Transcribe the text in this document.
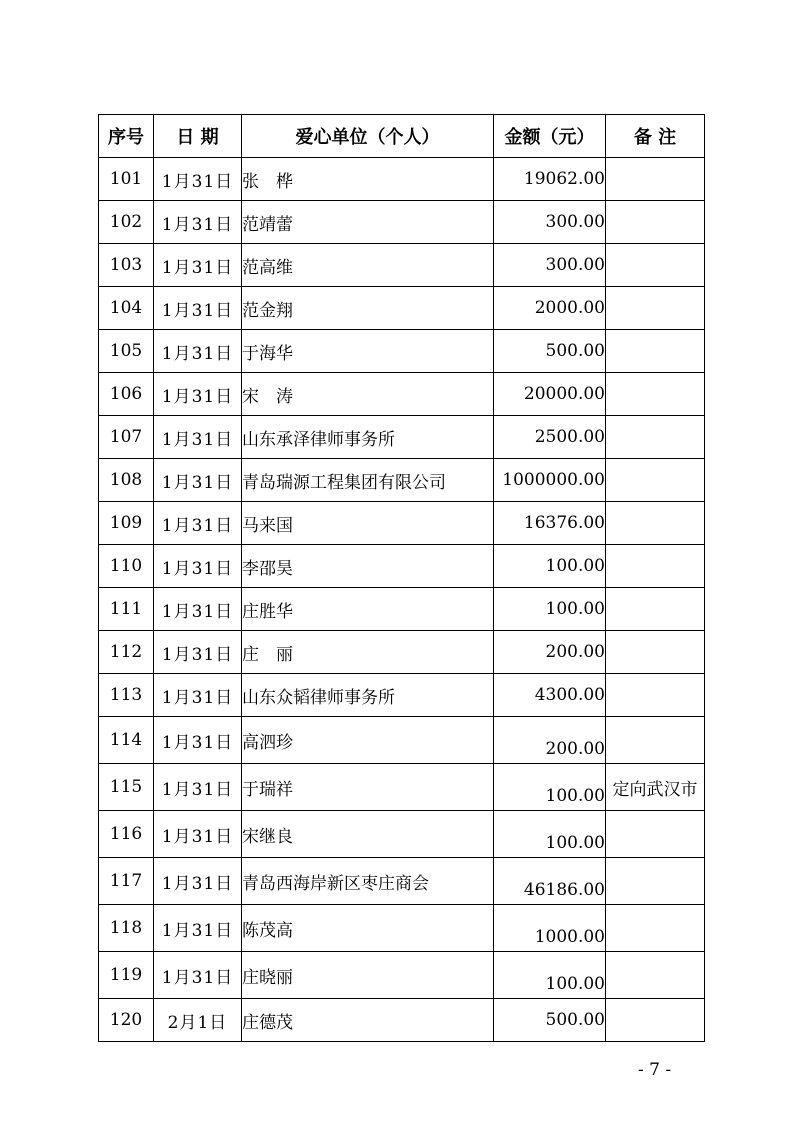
序号	日 期	爱心单位（个人）	金额（元）	备 注
101	1月31日	张　桦	19062.00	
102	1月31日	范靖蕾	300.00	
103	1月31日	范高维	300.00	
104	1月31日	范金翔	2000.00	
105	1月31日	于海华	500.00	
106	1月31日	宋　涛	20000.00	
107	1月31日	山东承泽律师事务所	2500.00	
108	1月31日	青岛瑞源工程集团有限公司	1000000.00	
109	1月31日	马来国	16376.00	
110	1月31日	李邵昊	100.00	
111	1月31日	庄胜华	100.00	
112	1月31日	庄　丽	200.00	
113	1月31日	山东众韬律师事务所	4300.00	
114	1月31日	高泗珍	200.00	
115	1月31日	于瑞祥	100.00	定向武汉市
116	1月31日	宋继良	100.00	
117	1月31日	青岛西海岸新区枣庄商会	46186.00	
118	1月31日	陈茂高	1000.00	
119	1月31日	庄晓丽	100.00	
120	2月1日	庄德茂	500.00	
- 7 -
